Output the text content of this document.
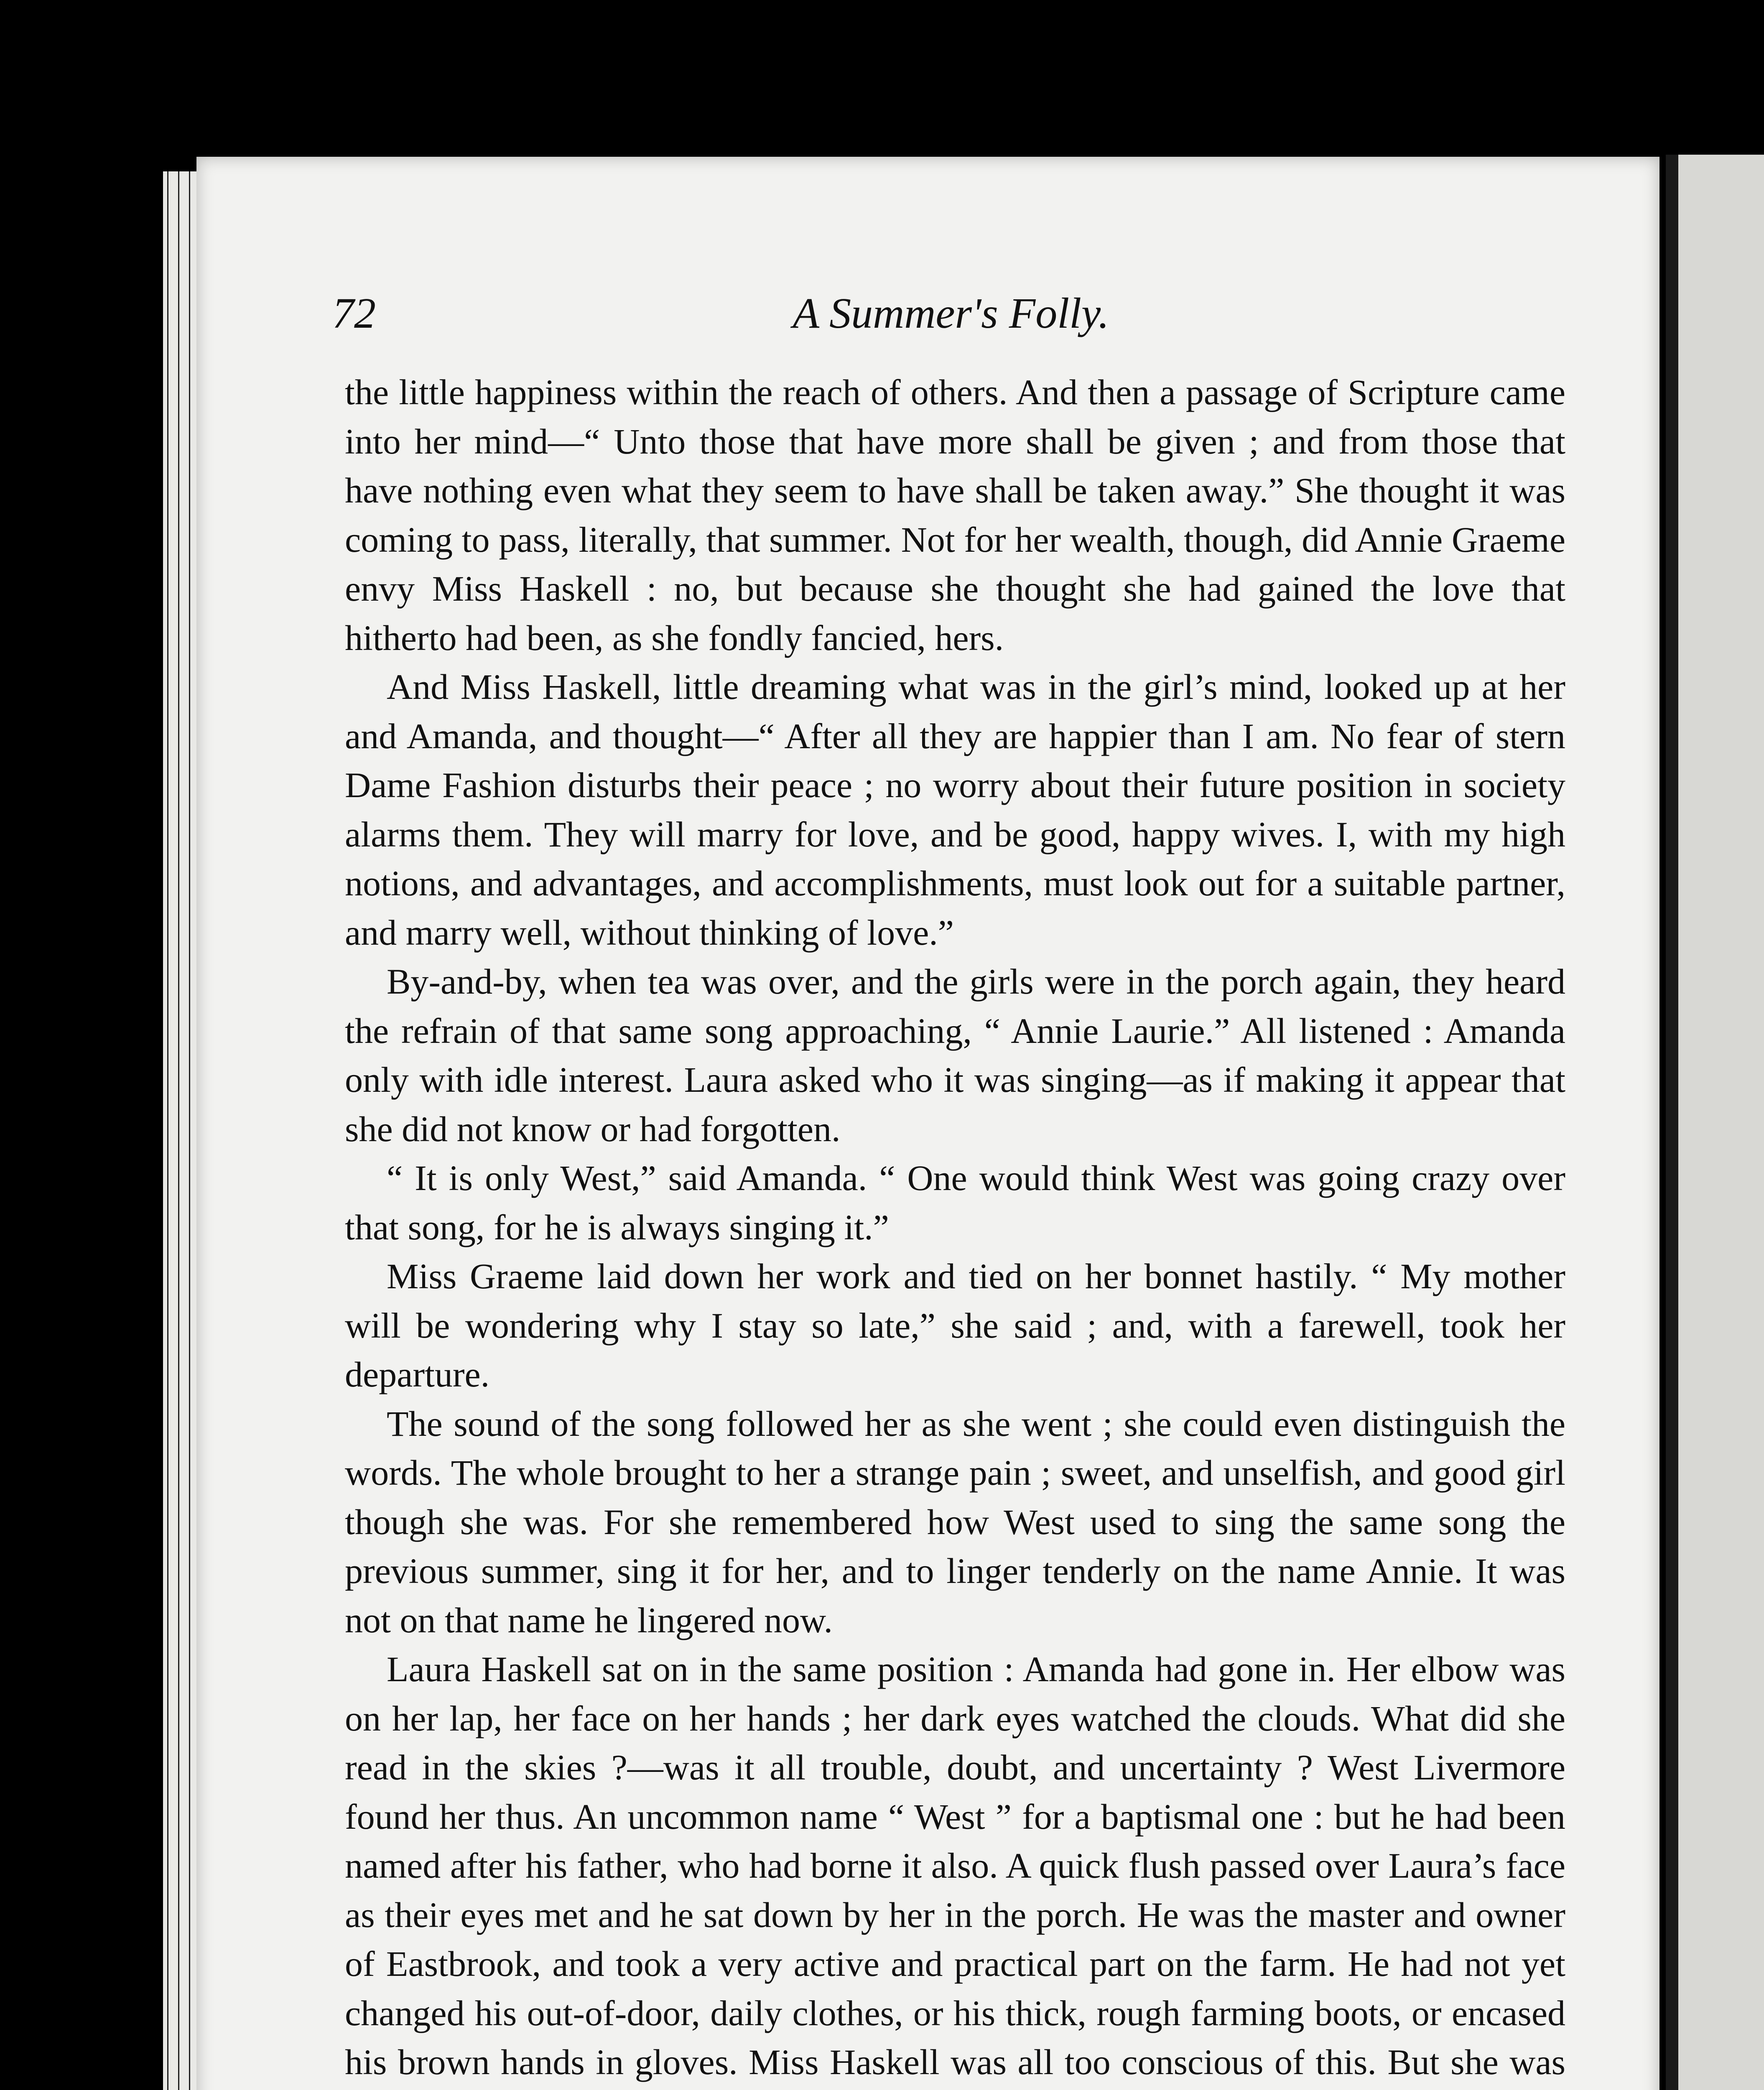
72	A Summer's Folly.

the little happiness within the reach of others. And then a passage of Scripture came into her mind—“ Unto those that have more shall be given ; and from those that have nothing even what they seem to have shall be taken away.” She thought it was coming to pass, literally, that summer. Not for her wealth, though, did Annie Graeme envy Miss Haskell : no, but because she thought she had gained the love that hitherto had been, as she fondly fancied, hers.

And Miss Haskell, little dreaming what was in the girl’s mind, looked up at her and Amanda, and thought—“ After all they are happier than I am. No fear of stern Dame Fashion disturbs their peace ; no worry about their future position in society alarms them. They will marry for love, and be good, happy wives. I, with my high notions, and advantages, and accomplishments, must look out for a suitable partner, and marry well, without thinking of love.”

By-and-by, when tea was over, and the girls were in the porch again, they heard the refrain of that same song approaching, “ Annie Laurie.” All listened : Amanda only with idle interest. Laura asked who it was singing—as if making it appear that she did not know or had forgotten.

“ It is only West,” said Amanda. “ One would think West was going crazy over that song, for he is always singing it.”

Miss Graeme laid down her work and tied on her bonnet hastily. “ My mother will be wondering why I stay so late,” she said ; and, with a farewell, took her departure.

The sound of the song followed her as she went ; she could even distinguish the words. The whole brought to her a strange pain ; sweet, and unselfish, and good girl though she was. For she remembered how West used to sing the same song the previous summer, sing it for her, and to linger tenderly on the name Annie. It was not on that name he lingered now.

Laura Haskell sat on in the same position : Amanda had gone in. Her elbow was on her lap, her face on her hands ; her dark eyes watched the clouds. What did she read in the skies ?—was it all trouble, doubt, and uncertainty ? West Livermore found her thus. An uncommon name “ West ” for a baptismal one : but he had been named after his father, who had borne it also. A quick flush passed over Laura’s face as their eyes met and he sat down by her in the porch. He was the master and owner of Eastbrook, and took a very active and practical part on the farm. He had not yet changed his out-of-door, daily clothes, or his thick, rough farming boots, or encased his brown hands in gloves. Miss Haskell was all too conscious of this. But she was
